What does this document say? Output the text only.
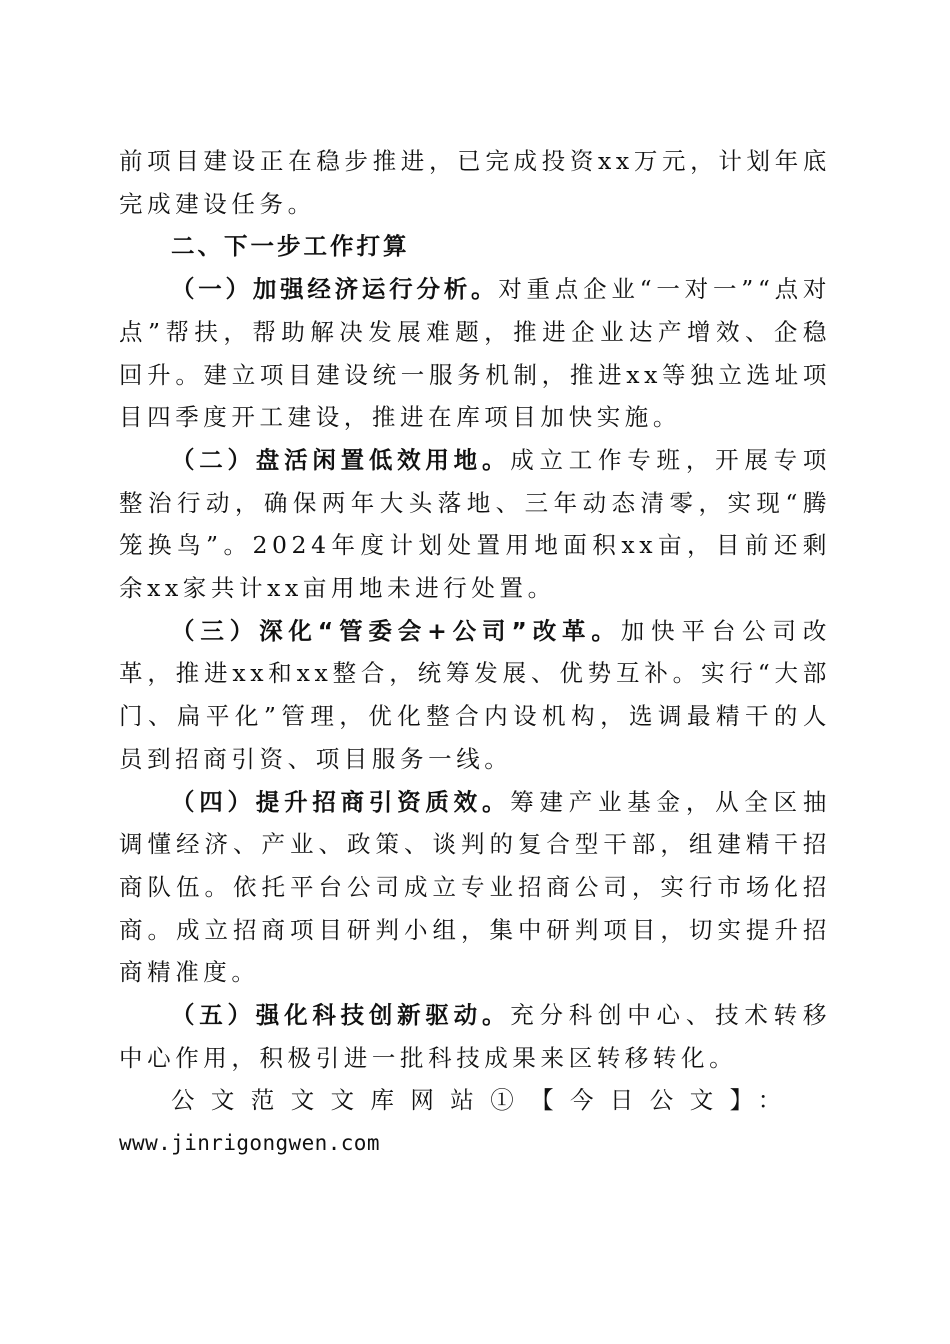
前项目建设正在稳步推进，已完成投资xx万元，计划年底完成建设任务。

二、下一步工作打算

（一）加强经济运行分析。对重点企业“一对一”“点对点”帮扶，帮助解决发展难题，推进企业达产增效、企稳回升。建立项目建设统一服务机制，推进xx等独立选址项目四季度开工建设，推进在库项目加快实施。

（二）盘活闲置低效用地。成立工作专班，开展专项整治行动，确保两年大头落地、三年动态清零，实现“腾笼换鸟”。2024年度计划处置用地面积xx亩，目前还剩余xx家共计xx亩用地未进行处置。

（三）深化“管委会+公司”改革。加快平台公司改革，推进xx和xx整合，统筹发展、优势互补。实行“大部门、扁平化”管理，优化整合内设机构，选调最精干的人员到招商引资、项目服务一线。

（四）提升招商引资质效。筹建产业基金，从全区抽调懂经济、产业、政策、谈判的复合型干部，组建精干招商队伍。依托平台公司成立专业招商公司，实行市场化招商。成立招商项目研判小组，集中研判项目，切实提升招商精准度。

（五）强化科技创新驱动。充分科创中心、技术转移中心作用，积极引进一批科技成果来区转移转化。

公文范文文库网站①【今日公文】：

www.jinrigongwen.com
